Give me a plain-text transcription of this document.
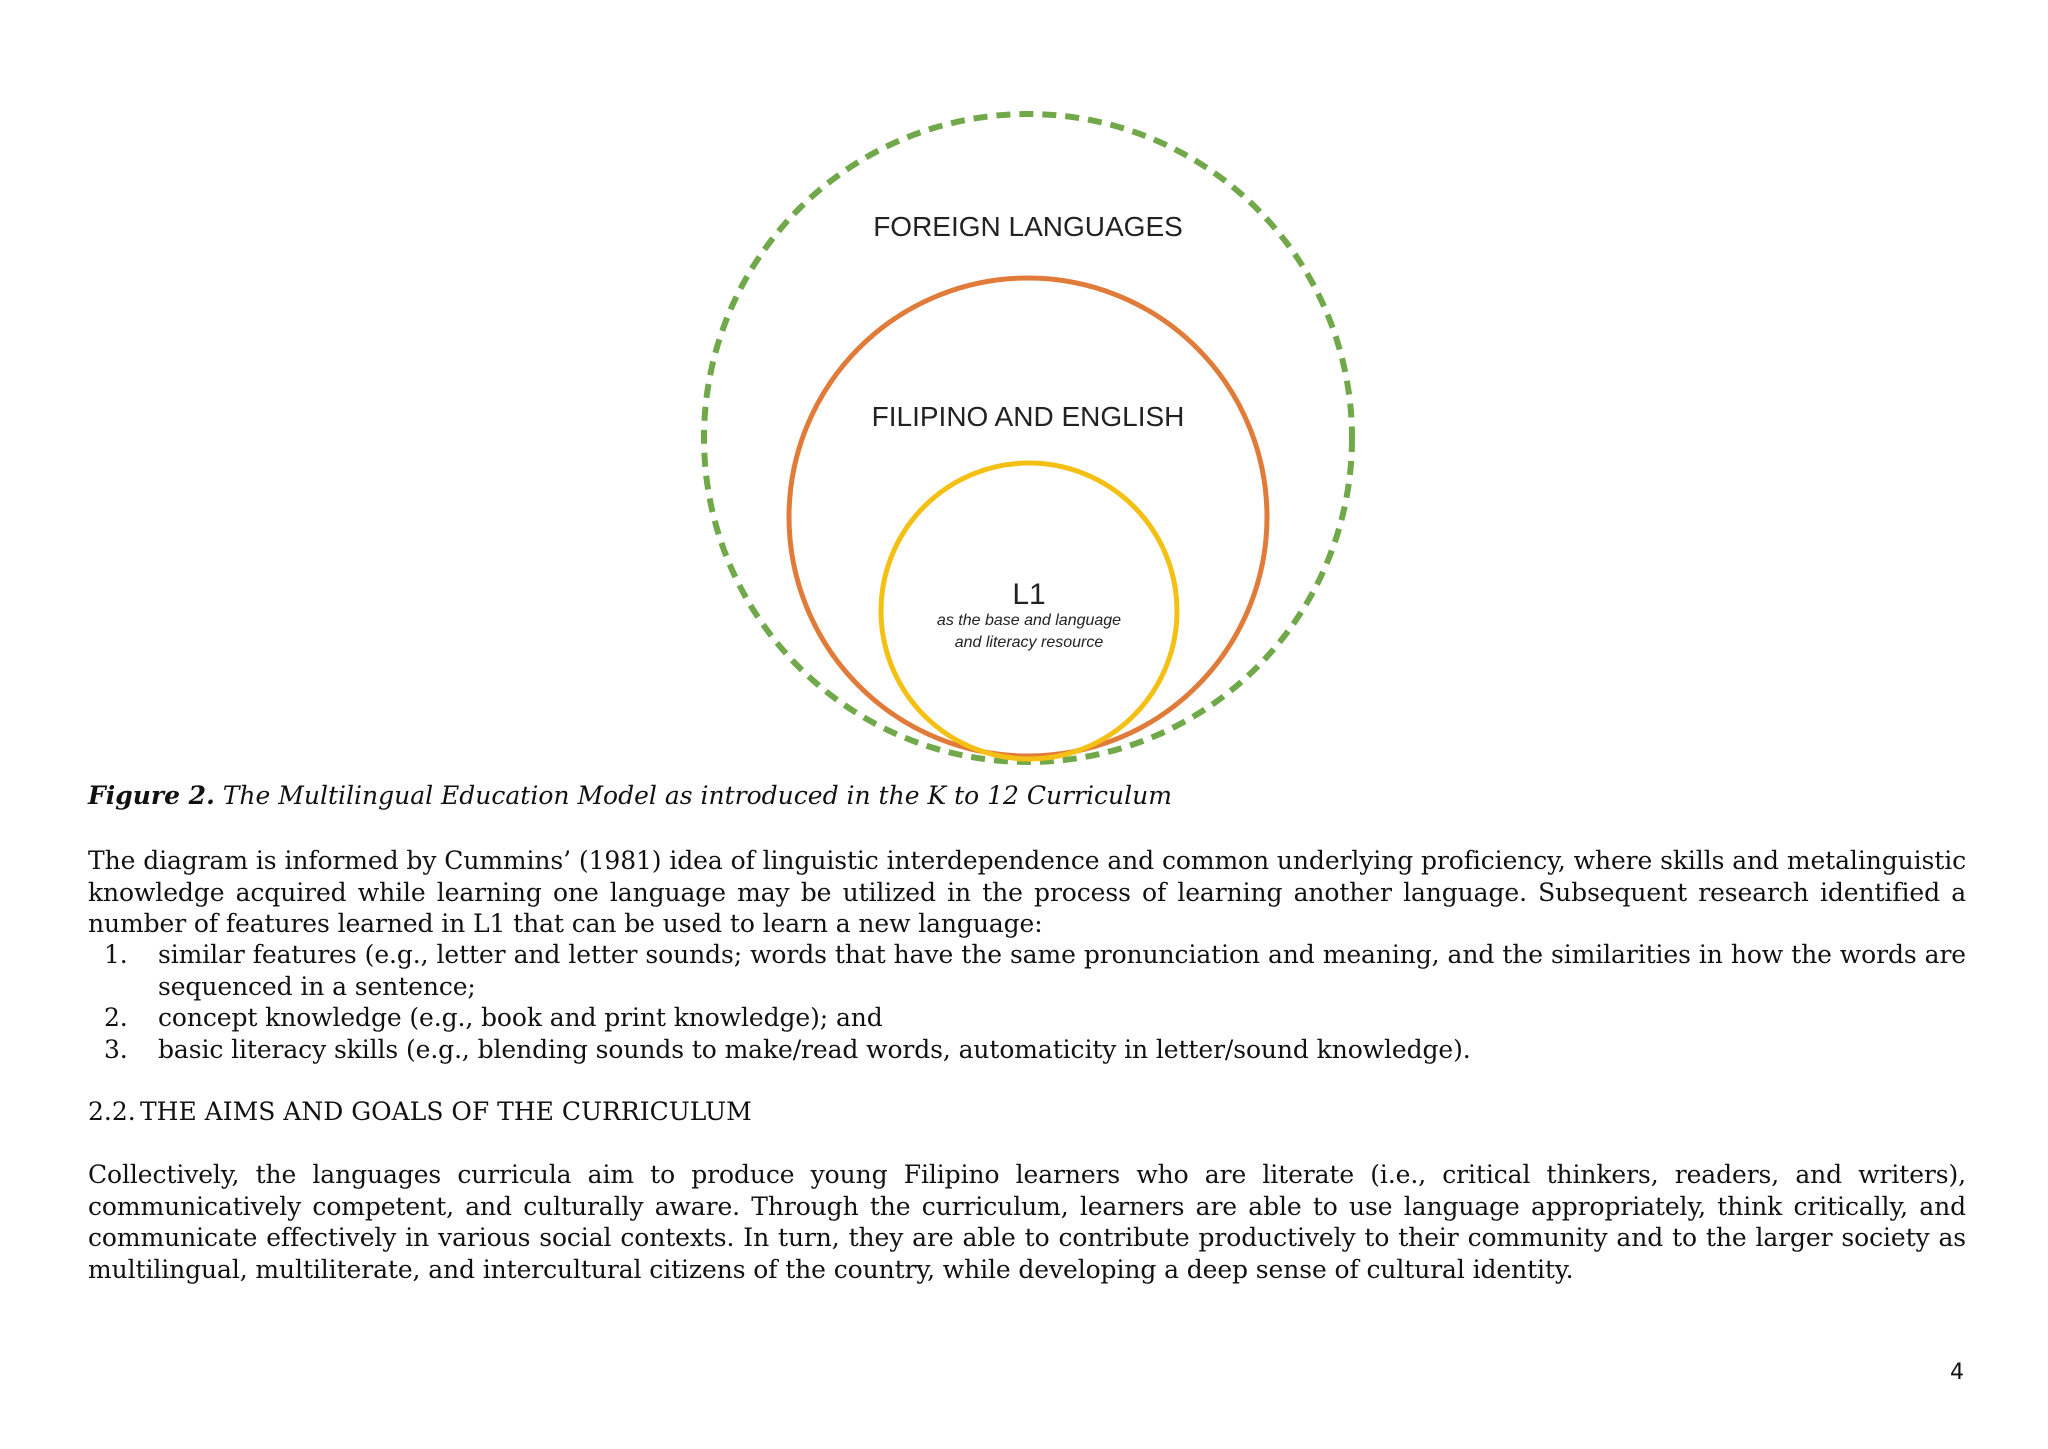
FOREIGN LANGUAGES
FILIPINO AND ENGLISH
L1
as the base and language
and literacy resource
Figure 2. The Multilingual Education Model as introduced in the K to 12 Curriculum
The diagram is informed by Cummins’ (1981) idea of linguistic interdependence and common underlying proficiency, where skills and metalinguistic knowledge acquired while learning one language may be utilized in the process of learning another language. Subsequent research identified a number of features learned in L1 that can be used to learn a new language:
1. similar features (e.g., letter and letter sounds; words that have the same pronunciation and meaning, and the similarities in how the words are sequenced in a sentence;
2. concept knowledge (e.g., book and print knowledge); and
3. basic literacy skills (e.g., blending sounds to make/read words, automaticity in letter/sound knowledge).
2.2. THE AIMS AND GOALS OF THE CURRICULUM
Collectively, the languages curricula aim to produce young Filipino learners who are literate (i.e., critical thinkers, readers, and writers), communicatively competent, and culturally aware. Through the curriculum, learners are able to use language appropriately, think critically, and communicate effectively in various social contexts. In turn, they are able to contribute productively to their community and to the larger society as multilingual, multiliterate, and intercultural citizens of the country, while developing a deep sense of cultural identity.
4
